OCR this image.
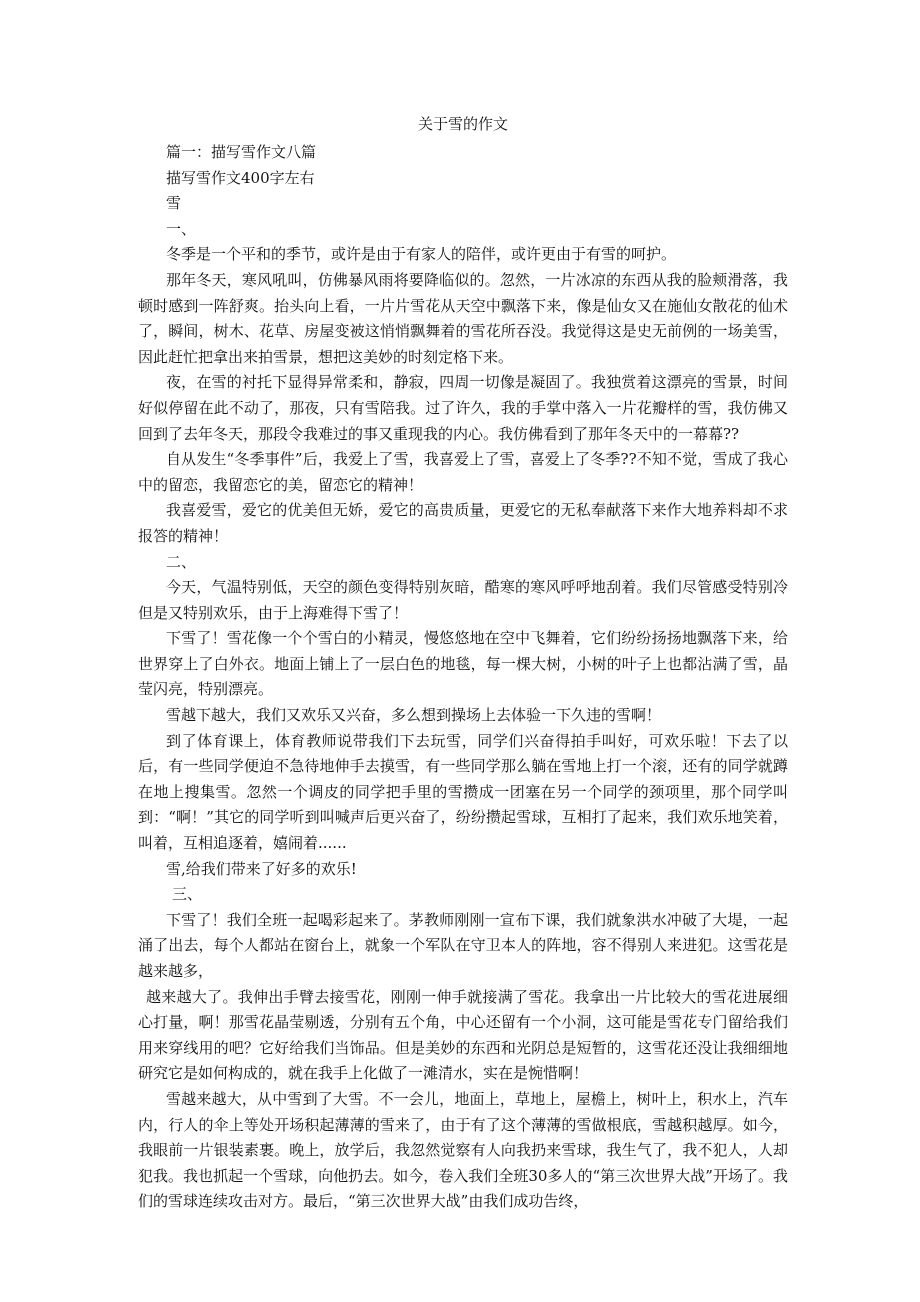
关于雪的作文

篇一：描写雪作文八篇

描写雪作文400字左右

雪

一、

冬季是一个平和的季节，或许是由于有家人的陪伴，或许更由于有雪的呵护。

那年冬天，寒风吼叫，仿佛暴风雨将要降临似的。忽然，一片冰凉的东西从我的脸颊滑落，我顿时感到一阵舒爽。抬头向上看，一片片雪花从天空中飘落下来，像是仙女又在施仙女散花的仙术了，瞬间，树木、花草、房屋变被这悄悄飘舞着的雪花所吞没。我觉得这是史无前例的一场美雪，因此赶忙把拿出来拍雪景，想把这美妙的时刻定格下来。

夜，在雪的衬托下显得异常柔和，静寂，四周一切像是凝固了。我独赏着这漂亮的雪景，时间好似停留在此不动了，那夜，只有雪陪我。过了许久，我的手掌中落入一片花瓣样的雪，我仿佛又回到了去年冬天，那段令我难过的事又重现我的内心。我仿佛看到了那年冬天中的一幕幕??

自从发生“冬季事件”后，我爱上了雪，我喜爱上了雪，喜爱上了冬季??不知不觉，雪成了我心中的留恋，我留恋它的美，留恋它的精神！

我喜爱雪，爱它的优美但无娇，爱它的高贵质量，更爱它的无私奉献落下来作大地养料却不求报答的精神！

二、

今天，气温特别低，天空的颜色变得特别灰暗，酷寒的寒风呼呼地刮着。我们尽管感受特别冷但是又特别欢乐，由于上海难得下雪了！

下雪了！雪花像一个个雪白的小精灵，慢悠悠地在空中飞舞着，它们纷纷扬扬地飘落下来，给世界穿上了白外衣。地面上铺上了一层白色的地毯，每一棵大树，小树的叶子上也都沾满了雪，晶莹闪亮，特别漂亮。

雪越下越大，我们又欢乐又兴奋，多么想到操场上去体验一下久违的雪啊！

到了体育课上，体育教师说带我们下去玩雪，同学们兴奋得拍手叫好，可欢乐啦！下去了以后，有一些同学便迫不急待地伸手去摸雪，有一些同学那么躺在雪地上打一个滚，还有的同学就蹲在地上搜集雪。忽然一个调皮的同学把手里的雪攒成一团塞在另一个同学的颈项里，那个同学叫到：“啊！”其它的同学听到叫喊声后更兴奋了，纷纷攒起雪球，互相打了起来，我们欢乐地笑着，叫着，互相追逐着，嬉闹着......

雪,给我们带来了好多的欢乐!

三、

下雪了！我们全班一起喝彩起来了。茅教师刚刚一宣布下课，我们就象洪水冲破了大堤，一起涌了出去，每个人都站在窗台上，就象一个军队在守卫本人的阵地，容不得别人来进犯。这雪花是越来越多，

越来越大了。我伸出手臂去接雪花，刚刚一伸手就接满了雪花。我拿出一片比较大的雪花进展细心打量，啊！那雪花晶莹剔透，分别有五个角，中心还留有一个小洞，这可能是雪花专门留给我们用来穿线用的吧？它好给我们当饰品。但是美妙的东西和光阴总是短暂的，这雪花还没让我细细地研究它是如何构成的，就在我手上化做了一滩清水，实在是惋惜啊！

雪越来越大，从中雪到了大雪。不一会儿，地面上，草地上，屋檐上，树叶上，积水上，汽车内，行人的伞上等处开场积起薄薄的雪来了，由于有了这个薄薄的雪做根底，雪越积越厚。如今，我眼前一片银装素裹。晚上，放学后，我忽然觉察有人向我扔来雪球，我生气了，我不犯人，人却犯我。我也抓起一个雪球，向他扔去。如今，卷入我们全班30多人的“第三次世界大战”开场了。我们的雪球连续攻击对方。最后，“第三次世界大战”由我们成功告终，
